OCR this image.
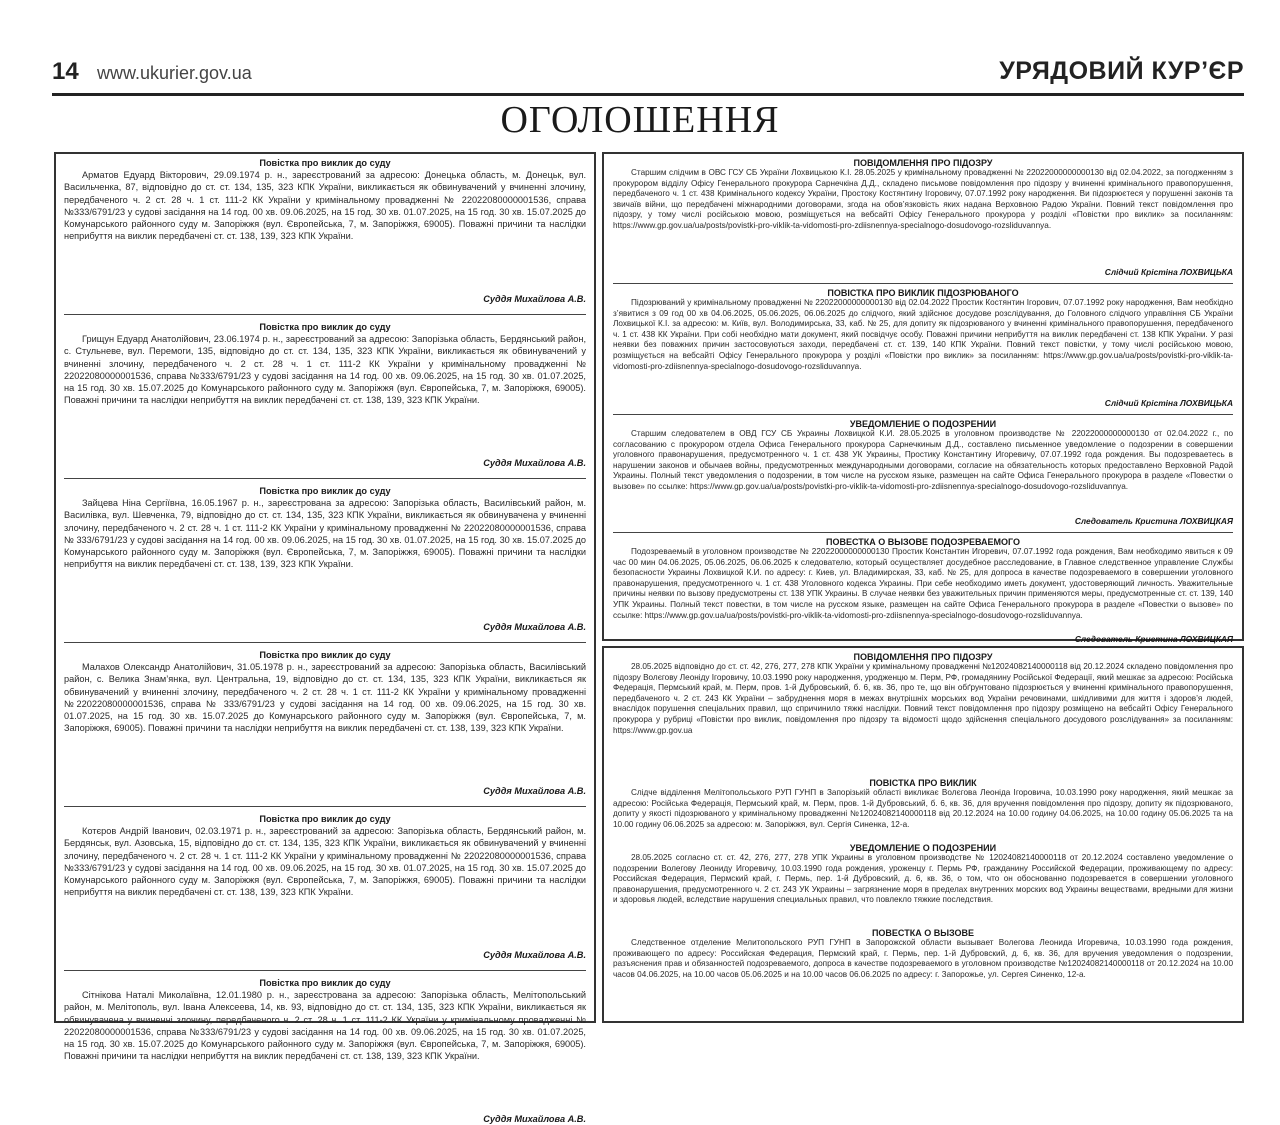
14 www.ukurier.gov.ua	УРЯДОВИЙ КУР’ЄР
ОГОЛОШЕННЯ
Повістка про виклик до суду
Арматов Едуард Вікторович, 29.09.1974 р. н., зареєстрований за адресою: Донецька область, м. Донецьк, вул. Васильченка, 87, відповідно до ст. ст. 134, 135, 323 КПК України, викликається як обвинувачений у вчиненні злочину, передбаченого ч. 2 ст. 28 ч. 1 ст. 111-2 КК України у кримінальному провадженні № 22022080000001536, справа №333/6791/23 у судові засідання на 14 год. 00 хв. 09.06.2025, на 15 год. 30 хв. 01.07.2025, на 15 год. 30 хв. 15.07.2025 до Комунарського районного суду м. Запоріжжя (вул. Європейська, 7, м. Запоріжжя, 69005). Поважні причини та наслідки неприбуття на виклик передбачені ст. ст. 138, 139, 323 КПК України.
Суддя Михайлова А.В.
Повістка про виклик до суду
Грищун Едуард Анатолійович, 23.06.1974 р. н., зареєстрований за адресою: Запорізька область, Бердянський район, с. Стульневе, вул. Перемоги, 135, відповідно до ст. ст. 134, 135, 323 КПК України, викликається як обвинувачений у вчиненні злочину, передбаченого ч. 2 ст. 28 ч. 1 ст. 111-2 КК України у кримінальному провадженні № 22022080000001536, справа №333/6791/23 у судові засідання на 14 год. 00 хв. 09.06.2025, на 15 год. 30 хв. 01.07.2025, на 15 год. 30 хв. 15.07.2025 до Комунарського районного суду м. Запоріжжя (вул. Європейська, 7, м. Запоріжжя, 69005). Поважні причини та наслідки неприбуття на виклик передбачені ст. ст. 138, 139, 323 КПК України.
Суддя Михайлова А.В.
Повістка про виклик до суду
Зайцева Ніна Сергіївна, 16.05.1967 р. н., зареєстрована за адресою: Запорізька область, Василівський район, м. Василівка, вул. Шевченка, 79, відповідно до ст. ст. 134, 135, 323 КПК України, викликається як обвинувачена у вчиненні злочину, передбаченого ч. 2 ст. 28 ч. 1 ст. 111-2 КК України у кримінальному провадженні № 22022080000001536, справа № 333/6791/23 у судові засідання на 14 год. 00 хв. 09.06.2025, на 15 год. 30 хв. 01.07.2025, на 15 год. 30 хв. 15.07.2025 до Комунарського районного суду м. Запоріжжя (вул. Європейська, 7, м. Запоріжжя, 69005). Поважні причини та наслідки неприбуття на виклик передбачені ст. ст. 138, 139, 323 КПК України.
Суддя Михайлова А.В.
Повістка про виклик до суду
Малахов Олександр Анатолійович, 31.05.1978 р. н., зареєстрований за адресою: Запорізька область, Василівський район, с. Велика Знам’янка, вул. Центральна, 19, відповідно до ст. ст. 134, 135, 323 КПК України, викликається як обвинувачений у вчиненні злочину, передбаченого ч. 2 ст. 28 ч. 1 ст. 111-2 КК України у кримінальному провадженні №22022080000001536, справа № 333/6791/23 у судові засідання на 14 год. 00 хв. 09.06.2025, на 15 год. 30 хв. 01.07.2025, на 15 год. 30 хв. 15.07.2025 до Комунарського районного суду м. Запоріжжя (вул. Європейська, 7, м. Запоріжжя, 69005). Поважні причини та наслідки неприбуття на виклик передбачені ст. ст. 138, 139, 323 КПК України.
Суддя Михайлова А.В.
Повістка про виклик до суду
Котєров Андрій Іванович, 02.03.1971 р. н., зареєстрований за адресою: Запорізька область, Бердянський район, м. Бердянськ, вул. Азовська, 15, відповідно до ст. ст. 134, 135, 323 КПК України, викликається як обвинувачений у вчиненні злочину, передбаченого ч. 2 ст. 28 ч. 1 ст. 111-2 КК України у кримінальному провадженні № 22022080000001536, справа №333/6791/23 у судові засідання на 14 год. 00 хв. 09.06.2025, на 15 год. 30 хв. 01.07.2025, на 15 год. 30 хв. 15.07.2025 до Комунарського районного суду м. Запоріжжя (вул. Європейська, 7, м. Запоріжжя, 69005). Поважні причини та наслідки неприбуття на виклик передбачені ст. ст. 138, 139, 323 КПК України.
Суддя Михайлова А.В.
Повістка про виклик до суду
Сітнікова Наталі Миколаївна, 12.01.1980 р. н., зареєстрована за адресою: Запорізька область, Мелітопольський район, м. Мелітополь, вул. Івана Алексеева, 14, кв. 93, відповідно до ст. ст. 134, 135, 323 КПК України, викликається як обвинувачена у вчиненні злочину, передбаченого ч. 2 ст. 28 ч. 1 ст. 111-2 КК України у кримінальному провадженні № 22022080000001536, справа №333/6791/23 у судові засідання на 14 год. 00 хв. 09.06.2025, на 15 год. 30 хв. 01.07.2025, на 15 год. 30 хв. 15.07.2025 до Комунарського районного суду м. Запоріжжя (вул. Європейська, 7, м. Запоріжжя, 69005). Поважні причини та наслідки неприбуття на виклик передбачені ст. ст. 138, 139, 323 КПК України.
Суддя Михайлова А.В.
ПОВІДОМЛЕННЯ ПРО ПІДОЗРУ
Старшим слідчим в ОВС ГСУ СБ України Лохвицькою К.І. 28.05.2025 у кримінальному провадженні № 22022000000000130 від 02.04.2022, за погодженням з прокурором відділу Офісу Генерального прокурора Сарнечкіна Д.Д., складено письмове повідомлення про підозру у вчиненні кримінального правопорушення, передбаченого ч. 1 ст. 438 Кримінального кодексу України, Простоку Костянтину Ігоровичу, 07.07.1992 року народження. Ви підозрюєтеся у порушенні законів та звичаїв війни, що передбачені міжнародними договорами, згода на обов’язковість яких надана Верховною Радою України. Повний текст повідомлення про підозру, у тому числі російською мовою, розміщується на вебсайті Офісу Генерального прокурора у розділі «Повістки про виклик» за посиланням: https://www.gp.gov.ua/ua/posts/povistki-pro-viklik-ta-vidomosti-pro-zdiisnennya-specialnogo-dosudovogo-rozsliduvannya.
Слідчий Крістіна ЛОХВИЦЬКА
ПОВІСТКА ПРО ВИКЛИК ПІДОЗРЮВАНОГО
Підозрюваний у кримінальному провадженні № 22022000000000130 від 02.04.2022 Простик Костянтин Ігорович, 07.07.1992 року народження, Вам необхідно з’явитися з 09 год 00 хв 04.06.2025, 05.06.2025, 06.06.2025 до слідчого, який здійснює досудове розслідування, до Головного слідчого управління СБ України Лохвицької К.І. за адресою: м. Київ, вул. Володимирська, 33, каб. № 25, для допиту як підозрюваного у вчиненні кримінального правопорушення, передбаченого ч. 1 ст. 438 КК України. При собі необхідно мати документ, який посвідчує особу. Поважні причини неприбуття на виклик передбачені ст. 138 КПК України. У разі неявки без поважних причин застосовуються заходи, передбачені ст. ст. 139, 140 КПК України. Повний текст повістки, у тому числі російською мовою, розміщується на вебсайті Офісу Генерального прокурора у розділі «Повістки про виклик» за посиланням: https://www.gp.gov.ua/ua/posts/povistki-pro-viklik-ta-vidomosti-pro-zdiisnennya-specialnogo-dosudovogo-rozsliduvannya.
Слідчий Крістіна ЛОХВИЦЬКА
УВЕДОМЛЕНИЕ О ПОДОЗРЕНИИ
Старшим следователем в ОВД ГСУ СБ Украины Лохвицкой К.И. 28.05.2025 в уголовном производстве № 22022000000000130 от 02.04.2022 г., по согласованию с прокурором отдела Офиса Генерального прокурора Сарнечкиным Д.Д., составлено письменное уведомление о подозрении в совершении уголовного правонарушения, предусмотренного ч. 1 ст. 438 УК Украины, Простику Константину Игоревичу, 07.07.1992 года рождения. Вы подозреваетесь в нарушении законов и обычаев войны, предусмотренных международными договорами, согласие на обязательность которых предоставлено Верховной Радой Украины. Полный текст уведомления о подозрении, в том числе на русском языке, размещен на сайте Офиса Генерального прокурора в разделе «Повестки о вызове» по ссылке: https://www.gp.gov.ua/ua/posts/povistki-pro-viklik-ta-vidomosti-pro-zdiisnennya-specialnogo-dosudovogo-rozsliduvannya.
Следователь Кристина ЛОХВИЦКАЯ
ПОВЕСТКА О ВЫЗОВЕ ПОДОЗРЕВАЕМОГО
Подозреваемый в уголовном производстве № 22022000000000130 Простик Константин Игоревич, 07.07.1992 года рождения, Вам необходимо явиться к 09 час 00 мин 04.06.2025, 05.06.2025, 06.06.2025 к следователю, который осуществляет досудебное расследование, в Главное следственное управление Службы безопасности Украины Лохвицкой К.И. по адресу: г. Киев, ул. Владимирская, 33, каб. № 25, для допроса в качестве подозреваемого в совершении уголовного правонарушения, предусмотренного ч. 1 ст. 438 Уголовного кодекса Украины. При себе необходимо иметь документ, удостоверяющий личность. Уважительные причины неявки по вызову предусмотрены ст. 138 УПК Украины. В случае неявки без уважительных причин применяются меры, предусмотренные ст. ст. 139, 140 УПК Украины. Полный текст повестки, в том числе на русском языке, размещен на сайте Офиса Генерального прокурора в разделе «Повестки о вызове» по ссылке: https://www.gp.gov.ua/ua/posts/povistki-pro-viklik-ta-vidomosti-pro-zdiisnennya-specialnogo-dosudovogo-rozsliduvannya.
Следователь Кристина ЛОХВИЦКАЯ
ПОВІДОМЛЕННЯ ПРО ПІДОЗРУ
28.05.2025 відповідно до ст. ст. 42, 276, 277, 278 КПК України у кримінальному провадженні №12024082140000118 від 20.12.2024 складено повідомлення про підозру Волєгову Леоніду Ігоровичу, 10.03.1990 року народження, уродженцю м. Перм, РФ, громадянину Російської Федерації, який мешкає за адресою: Російська Федерація, Пермський край, м. Перм, пров. 1-й Дубровський, б. 6, кв. 36, про те, що він обґрунтовано підозрюється у вчиненні кримінального правопорушення, передбаченого ч. 2 ст. 243 КК України – забруднення моря в межах внутрішніх морських вод України речовинами, шкідливими для життя і здоров’я людей, внаслідок порушення спеціальних правил, що спричинило тяжкі наслідки. Повний текст повідомлення про підозру розміщено на вебсайті Офісу Генерального прокурора у рубриці «Повістки про виклик, повідомлення про підозру та відомості щодо здійснення спеціального досудового розслідування» за посиланням: https://www.gp.gov.ua
ПОВІСТКА ПРО ВИКЛИК
Слідче відділення Мелітопольського РУП ГУНП в Запорізькій області викликає Волєгова Леоніда Ігоровича, 10.03.1990 року народження, який мешкає за адресою: Російська Федерація, Пермський край, м. Перм, пров. 1-й Дубровський, б. 6, кв. 36, для вручення повідомлення про підозру, допиту як підозрюваного, допиту у якості підозрюваного у кримінальному провадженні №12024082140000118 від 20.12.2024 на 10.00 годину 04.06.2025, на 10.00 годину 05.06.2025 та на 10.00 годину 06.06.2025 за адресою: м. Запоріжжя, вул. Сергія Синенка, 12-а.
УВЕДОМЛЕНИЕ О ПОДОЗРЕНИИ
28.05.2025 согласно ст. ст. 42, 276, 277, 278 УПК Украины в уголовном производстве № 12024082140000118 от 20.12.2024 составлено уведомление о подозрении Волегову Леониду Игоревичу, 10.03.1990 года рождения, уроженцу г. Пермь РФ, гражданину Российской Федерации, проживающему по адресу: Российская Федерация, Пермский край, г. Пермь, пер. 1-й Дубровский, д. 6, кв. 36, о том, что он обоснованно подозревается в совершении уголовного правонарушения, предусмотренного ч. 2 ст. 243 УК Украины – загрязнение моря в пределах внутренних морских вод Украины веществами, вредными для жизни и здоровья людей, вследствие нарушения специальных правил, что повлекло тяжкие последствия.
ПОВЕСТКА О ВЫЗОВЕ
Следственное отделение Мелитопольского РУП ГУНП в Запорожской области вызывает Волегова Леонида Игоревича, 10.03.1990 года рождения, проживающего по адресу: Российская Федерация, Пермский край, г. Пермь, пер. 1-й Дубровский, д. 6, кв. 36, для вручения уведомления о подозрении, разъяснения прав и обязанностей подозреваемого, допроса в качестве подозреваемого в уголовном производстве №12024082140000118 от 20.12.2024 на 10.00 часов 04.06.2025, на 10.00 часов 05.06.2025 и на 10.00 часов 06.06.2025 по адресу: г. Запорожье, ул. Сергея Синенко, 12-а.
